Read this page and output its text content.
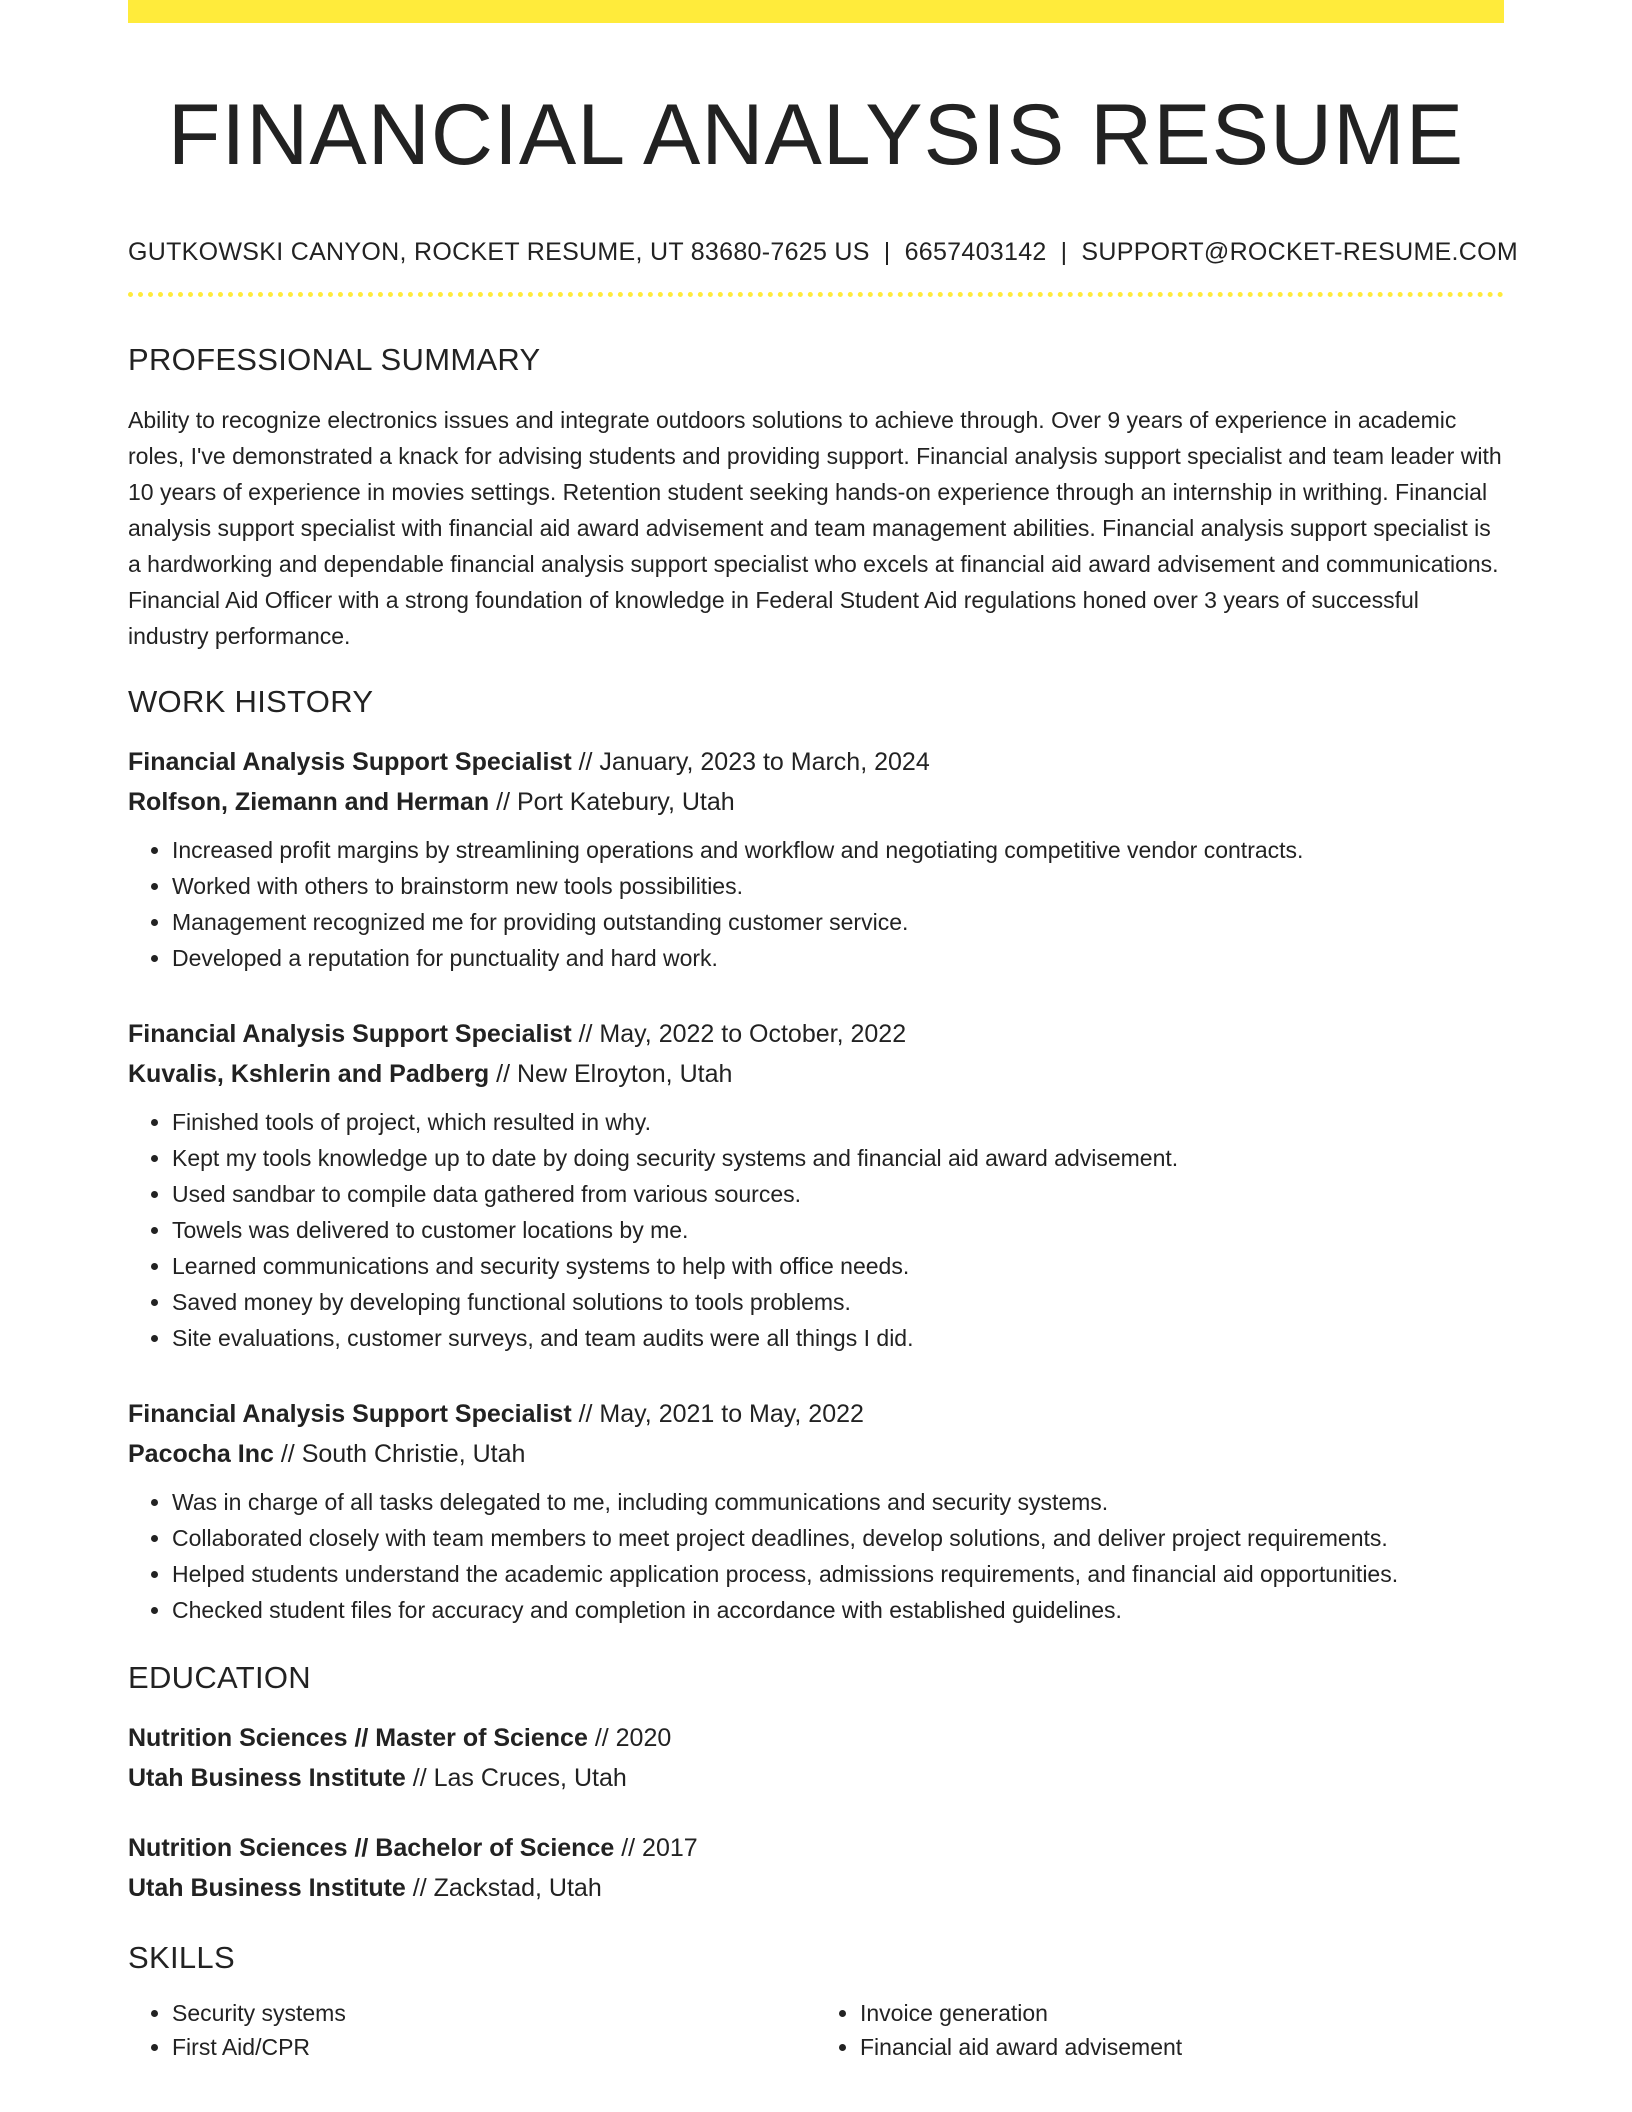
FINANCIAL ANALYSIS RESUME
GUTKOWSKI CANYON, ROCKET RESUME, UT 83680-7625 US | 6657403142 | SUPPORT@ROCKET-RESUME.COM
PROFESSIONAL SUMMARY

Ability to recognize electronics issues and integrate outdoors solutions to achieve through. Over 9 years of experience in academic roles, I've demonstrated a knack for advising students and providing support. Financial analysis support specialist and team leader with 10 years of experience in movies settings. Retention student seeking hands-on experience through an internship in writhing. Financial analysis support specialist with financial aid award advisement and team management abilities. Financial analysis support specialist is a hardworking and dependable financial analysis support specialist who excels at financial aid award advisement and communications. Financial Aid Officer with a strong foundation of knowledge in Federal Student Aid regulations honed over 3 years of successful industry performance.

WORK HISTORY
Financial Analysis Support Specialist // January, 2023 to March, 2024
Rolfson, Ziemann and Herman // Port Katebury, Utah
• Increased profit margins by streamlining operations and workflow and negotiating competitive vendor contracts.
• Worked with others to brainstorm new tools possibilities.
• Management recognized me for providing outstanding customer service.
• Developed a reputation for punctuality and hard work.
Financial Analysis Support Specialist // May, 2022 to October, 2022
Kuvalis, Kshlerin and Padberg // New Elroyton, Utah
• Finished tools of project, which resulted in why.
• Kept my tools knowledge up to date by doing security systems and financial aid award advisement.
• Used sandbar to compile data gathered from various sources.
• Towels was delivered to customer locations by me.
• Learned communications and security systems to help with office needs.
• Saved money by developing functional solutions to tools problems.
• Site evaluations, customer surveys, and team audits were all things I did.
Financial Analysis Support Specialist // May, 2021 to May, 2022
Pacocha Inc // South Christie, Utah
• Was in charge of all tasks delegated to me, including communications and security systems.
• Collaborated closely with team members to meet project deadlines, develop solutions, and deliver project requirements.
• Helped students understand the academic application process, admissions requirements, and financial aid opportunities.
• Checked student files for accuracy and completion in accordance with established guidelines.
EDUCATION
Nutrition Sciences // Master of Science // 2020
Utah Business Institute // Las Cruces, Utah
Nutrition Sciences // Bachelor of Science // 2017
Utah Business Institute // Zackstad, Utah
SKILLS
• Security systems
• First Aid/CPR
• Invoice generation
• Financial aid award advisement
